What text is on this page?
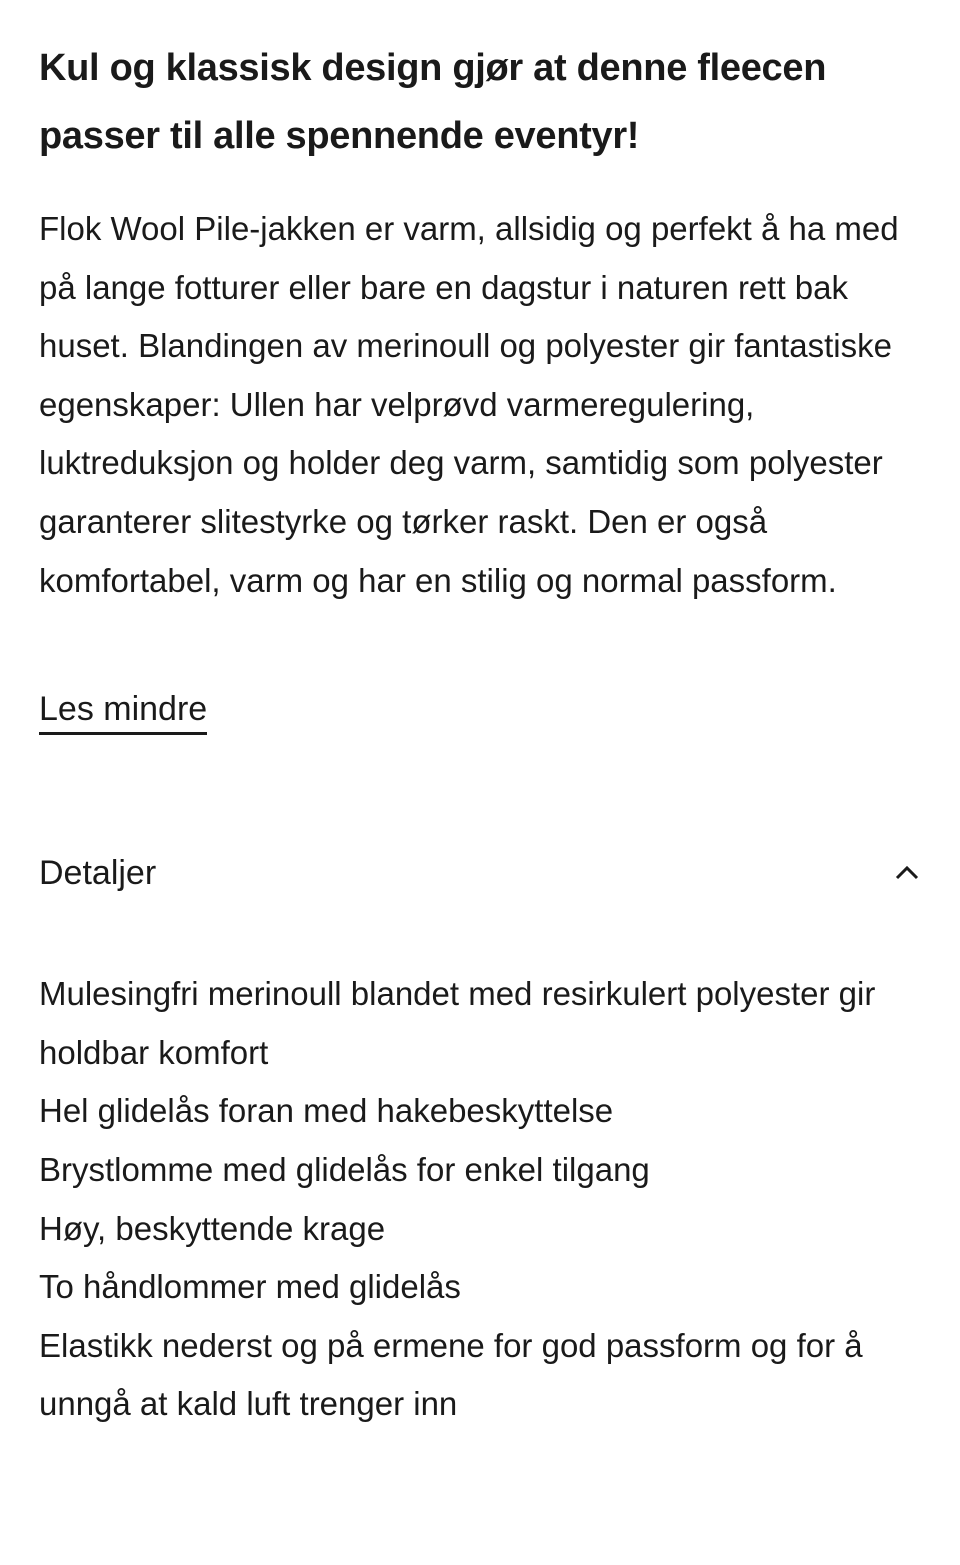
Kul og klassisk design gjør at denne fleecen passer til alle spennende eventyr!

Flok Wool Pile-jakken er varm, allsidig og perfekt å ha med på lange fotturer eller bare en dagstur i naturen rett bak huset. Blandingen av merinoull og polyester gir fantastiske egenskaper: Ullen har velprøvd varmeregulering, luktreduksjon og holder deg varm, samtidig som polyester garanterer slitestyrke og tørker raskt. Den er også komfortabel, varm og har en stilig og normal passform.

Les mindre
Detaljer
Mulesingfri merinoull blandet med resirkulert polyester gir holdbar komfort
Hel glidelås foran med hakebeskyttelse
Brystlomme med glidelås for enkel tilgang
Høy, beskyttende krage
To håndlommer med glidelås
Elastikk nederst og på ermene for god passform og for å unngå at kald luft trenger inn
